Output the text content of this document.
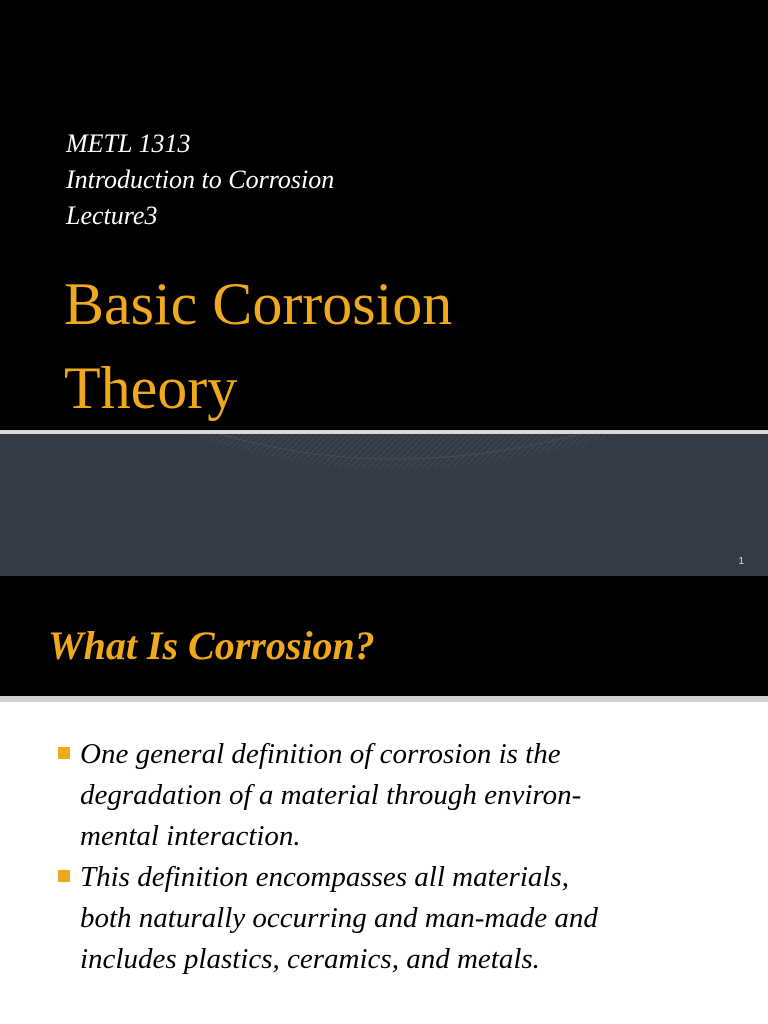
METL 1313
Introduction to Corrosion
Lecture3
Basic Corrosion
Theory
1
What Is Corrosion?
One general definition of corrosion is the
degradation of a material through environ-
mental interaction.
This definition encompasses all materials,
both naturally occurring and man-made and
includes plastics, ceramics, and metals.
